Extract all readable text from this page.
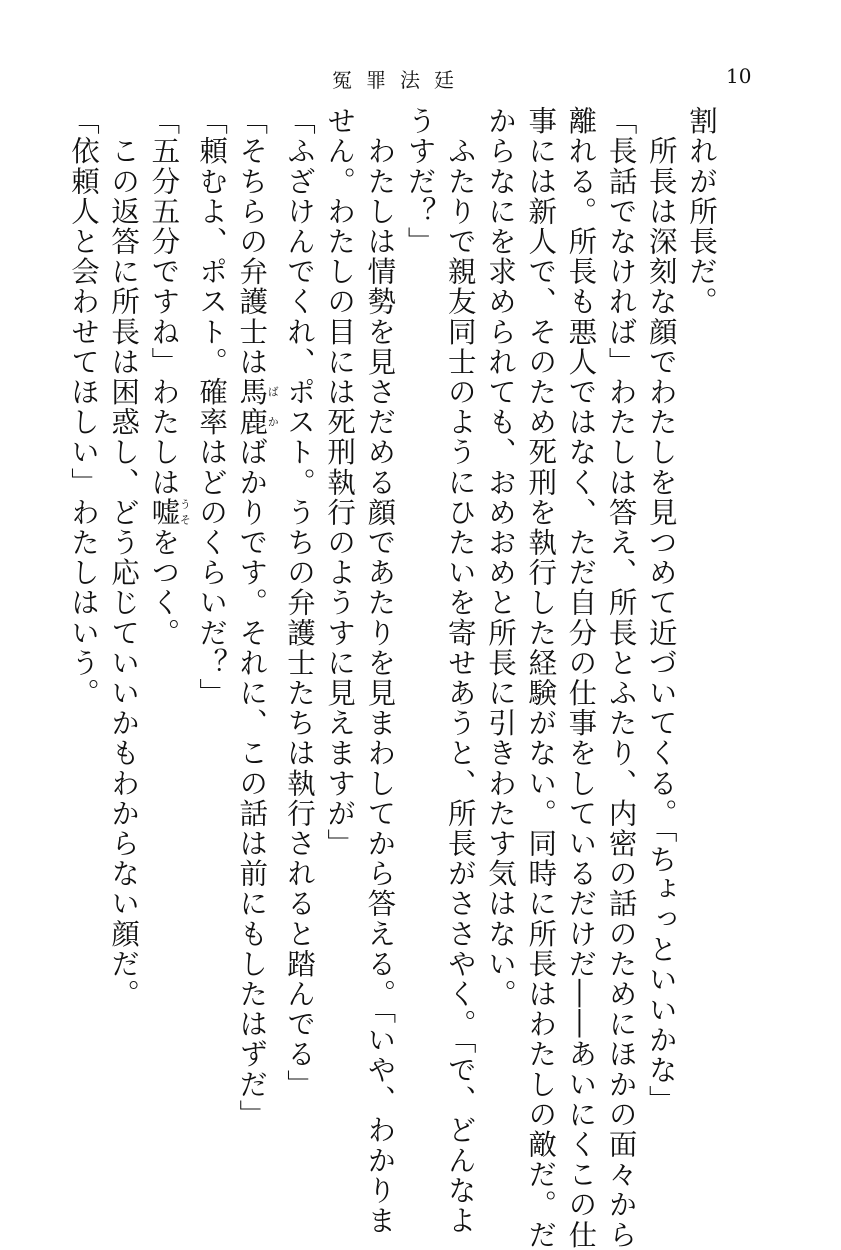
冤罪法廷	10
割れが所長だ。
　所長は深刻な顔でわたしを見つめて近づいてくる。「ちょっといいかな」
「長話でなければ」わたしは答え、所長とふたり、内密の話のためにほかの面々から
離れる。所長も悪人ではなく、ただ自分の仕事をしているだけだ――あいにくこの仕
事には新人で、そのため死刑を執行した経験がない。同時に所長はわたしの敵だ。だ
からなにを求められても、おめおめと所長に引きわたす気はない。
　ふたりで親友同士のようにひたいを寄せあうと、所長がささやく。「で、どんなよ
うすだ？」
　わたしは情勢を見さだめる顔であたりを見まわしてから答える。「いや、わかりま
せん。わたしの目には死刑執行のようすに見えますが」
「ふざけんでくれ、ポスト。うちの弁護士たちは執行されると踏んでる」
「そちらの弁護士は馬鹿ばかばかりです。それに、この話は前にもしたはずだ」
「頼むよ、ポスト。確率はどのくらいだ？」
「五分五分ですね」わたしは嘘うそをつく。
　この返答に所長は困惑し、どう応じていいかもわからない顔だ。
「依頼人と会わせてほしい」わたしはいう。
